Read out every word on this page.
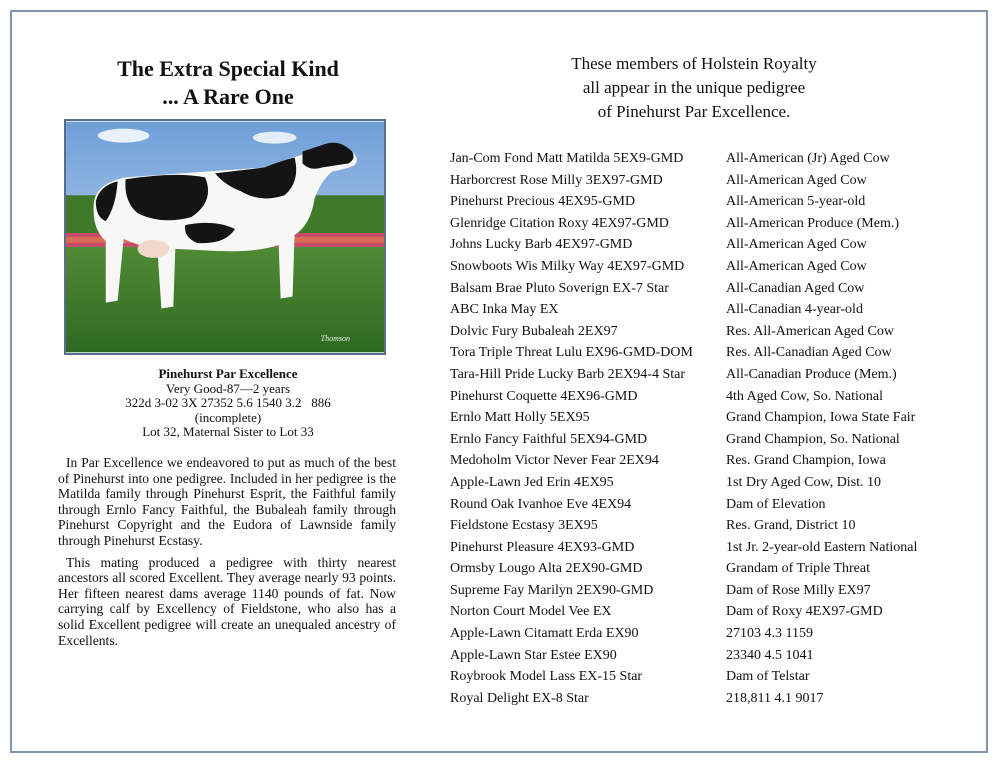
The Extra Special Kind
... A Rare One
Thomson
Pinehurst Par Excellence
Very Good-87—2 years
322d 3-02 3X 27352 5.6 1540 3.2   886
(incomplete)
Lot 32, Maternal Sister to Lot 33

In Par Excellence we endeavored to put as much of the best of Pinehurst into one pedigree. Included in her pedigree is the Matilda family through Pinehurst Esprit, the Faithful family through Ernlo Fancy Faithful, the Bubaleah family through Pinehurst Copyright and the Eudora of Lawnside family through Pinehurst Ecstasy.

This mating produced a pedigree with thirty nearest ancestors all scored Excellent. They average nearly 93 points. Her fifteen nearest dams average 1140 pounds of fat. Now carrying calf by Excellency of Fieldstone, who also has a solid Excellent pedigree will create an unequaled ancestry of Excellents.

These members of Holstein Royalty
all appear in the unique pedigree
of Pinehurst Par Excellence.
Jan-Com Fond Matt Matilda 5EX9-GMD	All-American (Jr) Aged Cow
Harborcrest Rose Milly 3EX97-GMD	All-American Aged Cow
Pinehurst Precious 4EX95-GMD	All-American 5-year-old
Glenridge Citation Roxy 4EX97-GMD	All-American Produce (Mem.)
Johns Lucky Barb 4EX97-GMD	All-American Aged Cow
Snowboots Wis Milky Way 4EX97-GMD	All-American Aged Cow
Balsam Brae Pluto Soverign EX-7 Star	All-Canadian Aged Cow
ABC Inka May EX	All-Canadian 4-year-old
Dolvic Fury Bubaleah 2EX97	Res. All-American Aged Cow
Tora Triple Threat Lulu EX96-GMD-DOM	Res. All-Canadian Aged Cow
Tara-Hill Pride Lucky Barb 2EX94-4 Star	All-Canadian Produce (Mem.)
Pinehurst Coquette 4EX96-GMD	4th Aged Cow, So. National
Ernlo Matt Holly 5EX95	Grand Champion, Iowa State Fair
Ernlo Fancy Faithful 5EX94-GMD	Grand Champion, So. National
Medoholm Victor Never Fear 2EX94	Res. Grand Champion, Iowa
Apple-Lawn Jed Erin 4EX95	1st Dry Aged Cow, Dist. 10
Round Oak Ivanhoe Eve 4EX94	Dam of Elevation
Fieldstone Ecstasy 3EX95	Res. Grand, District 10
Pinehurst Pleasure 4EX93-GMD	1st Jr. 2-year-old Eastern National
Ormsby Lougo Alta 2EX90-GMD	Grandam of Triple Threat
Supreme Fay Marilyn 2EX90-GMD	Dam of Rose Milly EX97
Norton Court Model Vee EX	Dam of Roxy 4EX97-GMD
Apple-Lawn Citamatt Erda EX90	27103 4.3 1159
Apple-Lawn Star Estee EX90	23340 4.5 1041
Roybrook Model Lass EX-15 Star	Dam of Telstar
Royal Delight EX-8 Star	218,811 4.1 9017
